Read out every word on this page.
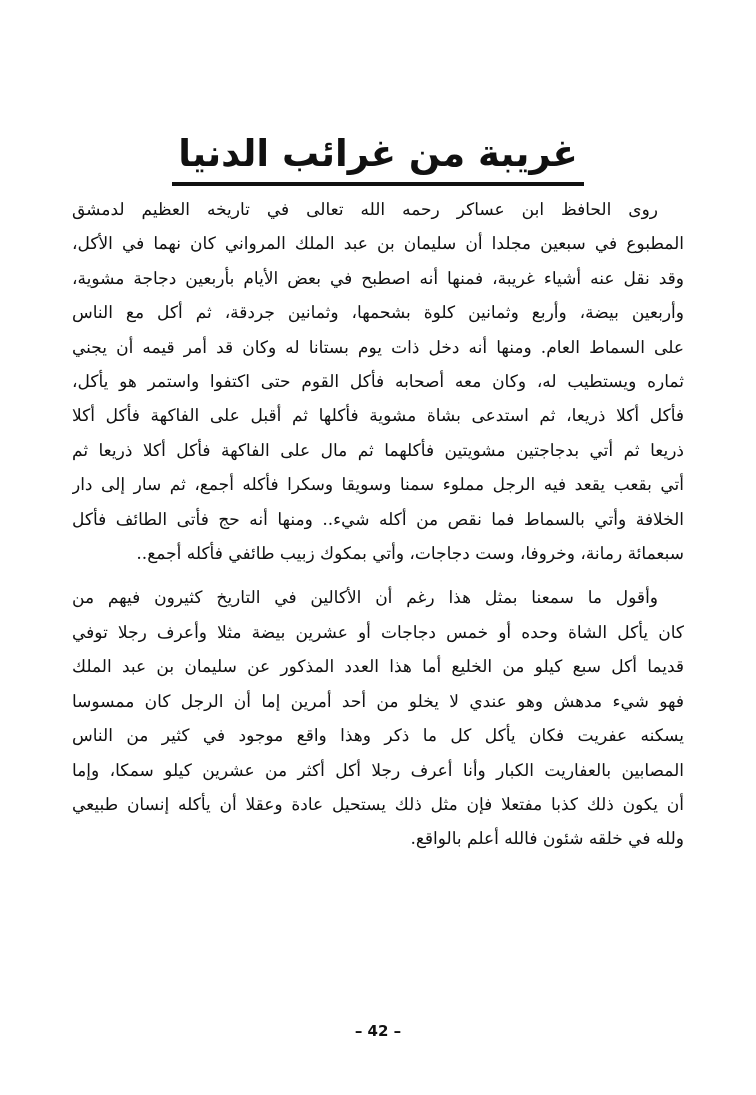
غريبة من غرائب الدنيا

روى الحافظ ابن عساكر رحمه الله تعالى في تاريخه العظيم لدمشق
المطبوع في سبعين مجلدا أن سليمان بن عبد الملك المرواني كان نهما في الأكل،
وقد نقل عنه أشياء غريبة، فمنها أنه اصطبح في بعض الأيام بأربعين دجاجة مشوية،
وأربعين بيضة، وأربع وثمانين كلوة بشحمها، وثمانين جردقة، ثم أكل مع الناس
على السماط العام. ومنها أنه دخل ذات يوم بستانا له وكان قد أمر قيمه أن يجني
ثماره ويستطيب له، وكان معه أصحابه فأكل القوم حتى اكتفوا واستمر هو يأكل،
فأكل أكلا ذريعا، ثم استدعى بشاة مشوية فأكلها ثم أقبل على الفاكهة فأكل أكلا
ذريعا ثم أتي بدجاجتين مشويتين فأكلهما ثم مال على الفاكهة فأكل أكلا ذريعا ثم
أتي بقعب يقعد فيه الرجل مملوء سمنا وسويقا وسكرا فأكله أجمع، ثم سار إلى دار
الخلافة وأتي بالسماط فما نقص من أكله شيء.. ومنها أنه حج فأتى الطائف فأكل
سبعمائة رمانة، وخروفا، وست دجاجات، وأتي بمكوك زبيب طائفي فأكله أجمع..

وأقول ما سمعنا بمثل هذا رغم أن الأكالين في التاريخ كثيرون فيهم من
كان يأكل الشاة وحده أو خمس دجاجات أو عشرين بيضة مثلا وأعرف رجلا توفي
قديما أكل سبع كيلو من الخليع أما هذا العدد المذكور عن سليمان بن عبد الملك
فهو شيء مدهش وهو عندي لا يخلو من أحد أمرين إما أن الرجل كان ممسوسا
يسكنه عفريت فكان يأكل كل ما ذكر وهذا واقع موجود في كثير من الناس
المصابين بالعفاريت الكبار وأنا أعرف رجلا أكل أكثر من عشرين كيلو سمكا، وإما
أن يكون ذلك كذبا مفتعلا فإن مثل ذلك يستحيل عادة وعقلا أن يأكله إنسان طبيعي
ولله في خلقه شئون فالله أعلم بالواقع.

– 42 –
